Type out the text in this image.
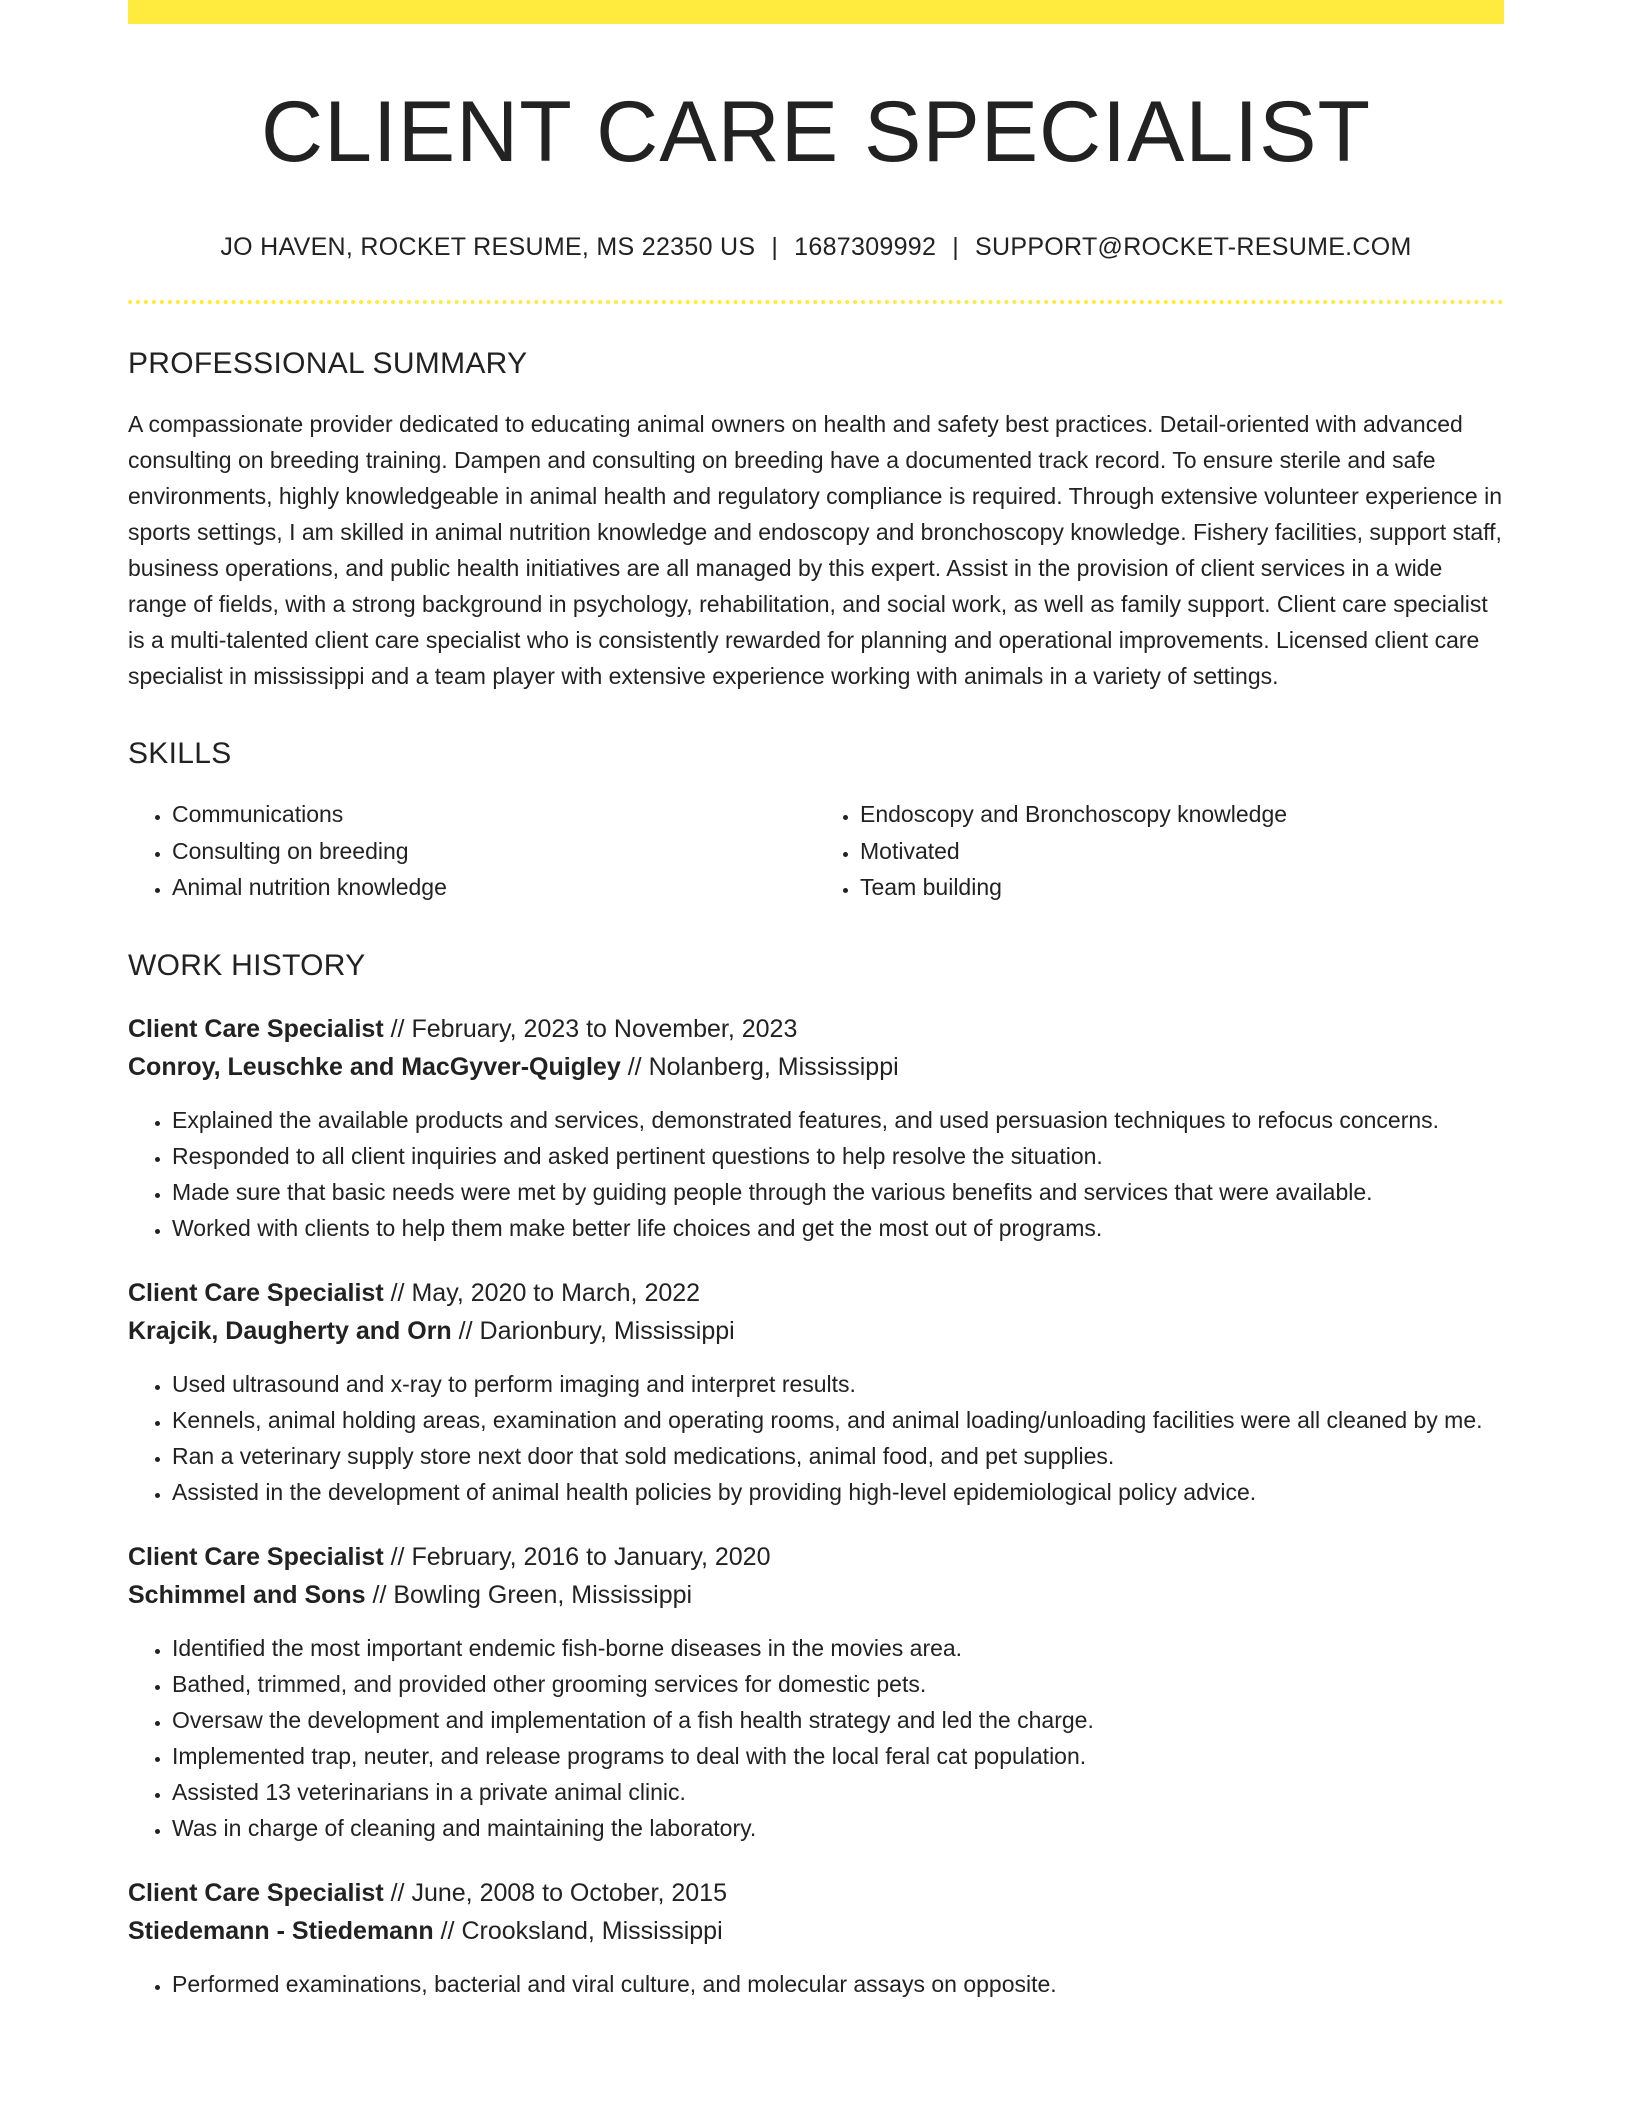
CLIENT CARE SPECIALIST
JO HAVEN, ROCKET RESUME, MS 22350 US | 1687309992 | SUPPORT@ROCKET-RESUME.COM
PROFESSIONAL SUMMARY
A compassionate provider dedicated to educating animal owners on health and safety best practices. Detail-oriented with advanced consulting on breeding training. Dampen and consulting on breeding have a documented track record. To ensure sterile and safe environments, highly knowledgeable in animal health and regulatory compliance is required. Through extensive volunteer experience in sports settings, I am skilled in animal nutrition knowledge and endoscopy and bronchoscopy knowledge. Fishery facilities, support staff, business operations, and public health initiatives are all managed by this expert. Assist in the provision of client services in a wide range of fields, with a strong background in psychology, rehabilitation, and social work, as well as family support. Client care specialist is a multi-talented client care specialist who is consistently rewarded for planning and operational improvements. Licensed client care specialist in mississippi and a team player with extensive experience working with animals in a variety of settings.
SKILLS
• Communications
• Consulting on breeding
• Animal nutrition knowledge
• Endoscopy and Bronchoscopy knowledge
• Motivated
• Team building
WORK HISTORY
Client Care Specialist // February, 2023 to November, 2023
Conroy, Leuschke and MacGyver-Quigley // Nolanberg, Mississippi
• Explained the available products and services, demonstrated features, and used persuasion techniques to refocus concerns.
• Responded to all client inquiries and asked pertinent questions to help resolve the situation.
• Made sure that basic needs were met by guiding people through the various benefits and services that were available.
• Worked with clients to help them make better life choices and get the most out of programs.
Client Care Specialist // May, 2020 to March, 2022
Krajcik, Daugherty and Orn // Darionbury, Mississippi
• Used ultrasound and x-ray to perform imaging and interpret results.
• Kennels, animal holding areas, examination and operating rooms, and animal loading/unloading facilities were all cleaned by me.
• Ran a veterinary supply store next door that sold medications, animal food, and pet supplies.
• Assisted in the development of animal health policies by providing high-level epidemiological policy advice.
Client Care Specialist // February, 2016 to January, 2020
Schimmel and Sons // Bowling Green, Mississippi
• Identified the most important endemic fish-borne diseases in the movies area.
• Bathed, trimmed, and provided other grooming services for domestic pets.
• Oversaw the development and implementation of a fish health strategy and led the charge.
• Implemented trap, neuter, and release programs to deal with the local feral cat population.
• Assisted 13 veterinarians in a private animal clinic.
• Was in charge of cleaning and maintaining the laboratory.
Client Care Specialist // June, 2008 to October, 2015
Stiedemann - Stiedemann // Crooksland, Mississippi
• Performed examinations, bacterial and viral culture, and molecular assays on opposite.
